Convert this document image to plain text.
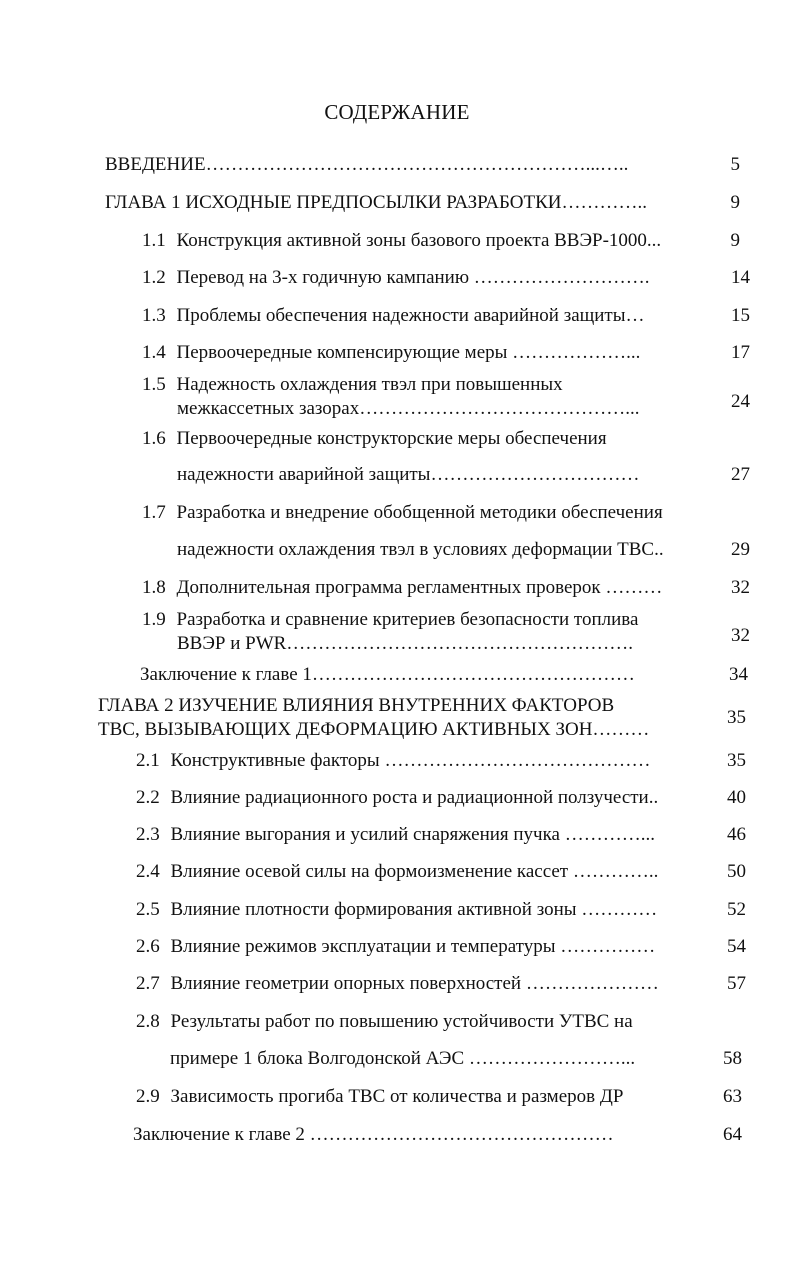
СОДЕРЖАНИЕ
ВВЕДЕНИЕ……………………………………………………...…..	5
ГЛАВА 1 ИСХОДНЫЕ ПРЕДПОСЫЛКИ РАЗРАБОТКИ…………..	9
1.1 Конструкция активной зоны базового проекта ВВЭР-1000...	9
1.2 Перевод на 3-х годичную кампанию ……………………….	14
1.3 Проблемы обеспечения надежности аварийной защиты…	15
1.4 Первоочередные компенсирующие меры ………………...	17
1.5 Надежность охлаждения твэл при повышенных
межкассетных зазорах……………………………………...	24
1.6 Первоочередные конструкторские меры обеспечения
надежности аварийной защиты……………………………	27
1.7 Разработка и внедрение обобщенной методики обеспечения
надежности охлаждения твэл в условиях деформации ТВС..	29
1.8 Дополнительная программа регламентных проверок ………	32
1.9 Разработка и сравнение критериев безопасности топлива
ВВЭР и PWR……………………………………………….	32
Заключение к главе 1……………………………………………	34
ГЛАВА 2 ИЗУЧЕНИЕ ВЛИЯНИЯ ВНУТРЕННИХ ФАКТОРОВ
ТВС, ВЫЗЫВАЮЩИХ ДЕФОРМАЦИЮ АКТИВНЫХ ЗОН………
35
2.1 Конструктивные факторы ……………………………………	35
2.2 Влияние радиационного роста и радиационной ползучести..	40
2.3 Влияние выгорания и усилий снаряжения пучка …………...	46
2.4 Влияние осевой силы на формоизменение кассет …………..	50
2.5 Влияние плотности формирования активной зоны …………	52
2.6 Влияние режимов эксплуатации и температуры ……………	54
2.7 Влияние геометрии опорных поверхностей …………………	57
2.8 Результаты работ по повышению устойчивости УТВС на
примере 1 блока Волгодонской АЭС ……………………...	58
2.9 Зависимость прогиба ТВС от количества и размеров ДР	63
Заключение к главе 2 …………………………………………	64
